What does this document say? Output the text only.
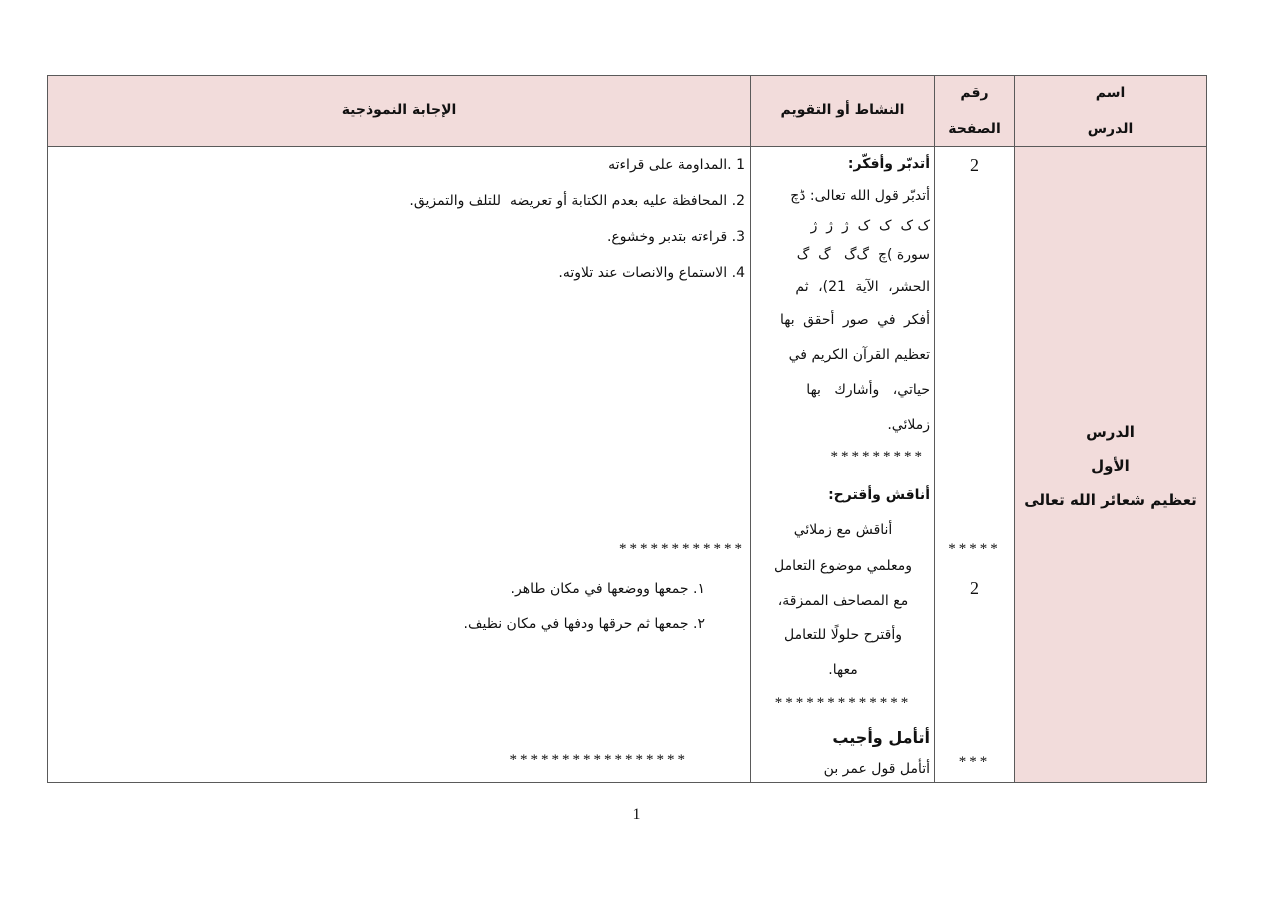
الإجابة النموذجية	النشاط أو التقويم
رقم
الصفحة
اسم
الدرس
الدرس
الأول
تعظيم شعائر الله تعالى
2
*****
2
***
أتدبّر وأفكّر:
أتدبّر قول الله تعالى: ڈچ
ک ک  ک  ک  ژ  ژ  ژ
سورة )چ  گ‌گ   گ  گ
الحشر، الآية 21)، ثم
أفكر في صور أحقق بها
تعظيم القرآن الكريم في
حياتي، وأشارك بها
زملائي.
*********
أناقش وأقترح:
أناقش مع زملائي
ومعلمي موضوع التعامل
مع المصاحف الممزقة،
وأقترح حلولًا للتعامل
معها.
*************
أتأمل وأجيب
أتأمل قول عمر بن
1 .المداومة على قراءته
2. المحافظة عليه بعدم الكتابة أو تعريضه  للتلف والتمزيق.
3. قراءته بتدبر وخشوع.
4. الاستماع والانصات عند تلاوته.
************
١. جمعها ووضعها في مكان طاهر.
٢. جمعها ثم حرقها ودفها في مكان نظيف.
*****************
1
